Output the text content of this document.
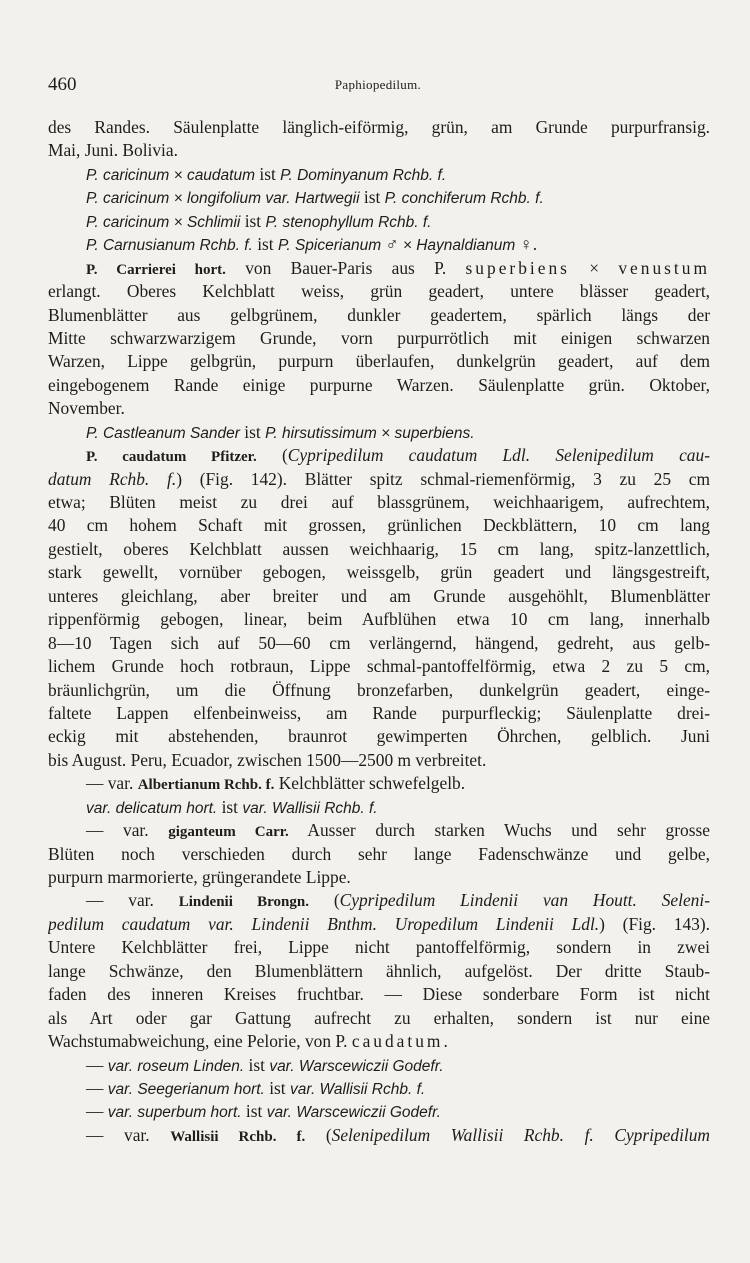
460	Paphiopedilum.
des Randes. Säulenplatte länglich-eiförmig, grün, am Grunde purpurfransig.
Mai, Juni. Bolivia.
P. caricinum × caudatum ist P. Dominyanum Rchb. f.
P. caricinum × longifolium var. Hartwegii ist P. conchiferum Rchb. f.
P. caricinum × Schlimii ist P. stenophyllum Rchb. f.
P. Carnusianum Rchb. f. ist P. Spicerianum ♂ × Haynaldianum ♀.
P. Carrierei hort. von Bauer-Paris aus P. superbiens × venustum
erlangt. Oberes Kelchblatt weiss, grün geadert, untere blässer geadert,
Blumenblätter aus gelbgrünem, dunkler geadertem, spärlich längs der
Mitte schwarzwarzigem Grunde, vorn purpurrötlich mit einigen schwarzen
Warzen, Lippe gelbgrün, purpurn überlaufen, dunkelgrün geadert, auf dem
eingebogenem Rande einige purpurne Warzen. Säulenplatte grün. Oktober,
November.
P. Castleanum Sander ist P. hirsutissimum × superbiens.
P. caudatum Pfitzer. (Cypripedilum caudatum Ldl. Selenipedilum cau-
datum Rchb. f.) (Fig. 142). Blätter spitz schmal-riemenförmig, 3 zu 25 cm
etwa; Blüten meist zu drei auf blassgrünem, weichhaarigem, aufrechtem,
40 cm hohem Schaft mit grossen, grünlichen Deckblättern, 10 cm lang
gestielt, oberes Kelchblatt aussen weichhaarig, 15 cm lang, spitz-lanzettlich,
stark gewellt, vornüber gebogen, weissgelb, grün geadert und längsgestreift,
unteres gleichlang, aber breiter und am Grunde ausgehöhlt, Blumenblätter
rippenförmig gebogen, linear, beim Aufblühen etwa 10 cm lang, innerhalb
8—10 Tagen sich auf 50—60 cm verlängernd, hängend, gedreht, aus gelb-
lichem Grunde hoch rotbraun, Lippe schmal-pantoffelförmig, etwa 2 zu 5 cm,
bräunlichgrün, um die Öffnung bronzefarben, dunkelgrün geadert, einge-
faltete Lappen elfenbeinweiss, am Rande purpurfleckig; Säulenplatte drei-
eckig mit abstehenden, braunrot gewimperten Öhrchen, gelblich. Juni
bis August. Peru, Ecuador, zwischen 1500—2500 m verbreitet.
— var. Albertianum Rchb. f. Kelchblätter schwefelgelb.
var. delicatum hort. ist var. Wallisii Rchb. f.
— var. giganteum Carr. Ausser durch starken Wuchs und sehr grosse
Blüten noch verschieden durch sehr lange Fadenschwänze und gelbe,
purpurn marmorierte, grüngerandete Lippe.
— var. Lindenii Brongn. (Cypripedilum Lindenii van Houtt. Seleni-
pedilum caudatum var. Lindenii Bnthm. Uropedilum Lindenii Ldl.) (Fig. 143).
Untere Kelchblätter frei, Lippe nicht pantoffelförmig, sondern in zwei
lange Schwänze, den Blumenblättern ähnlich, aufgelöst. Der dritte Staub-
faden des inneren Kreises fruchtbar. — Diese sonderbare Form ist nicht
als Art oder gar Gattung aufrecht zu erhalten, sondern ist nur eine
Wachstumabweichung, eine Pelorie, von P. caudatum.
— var. roseum Linden. ist var. Warscewiczii Godefr.
— var. Seegerianum hort. ist var. Wallisii Rchb. f.
— var. superbum hort. ist var. Warscewiczii Godefr.
— var. Wallisii Rchb. f. (Selenipedilum Wallisii Rchb. f. Cypripedilum
